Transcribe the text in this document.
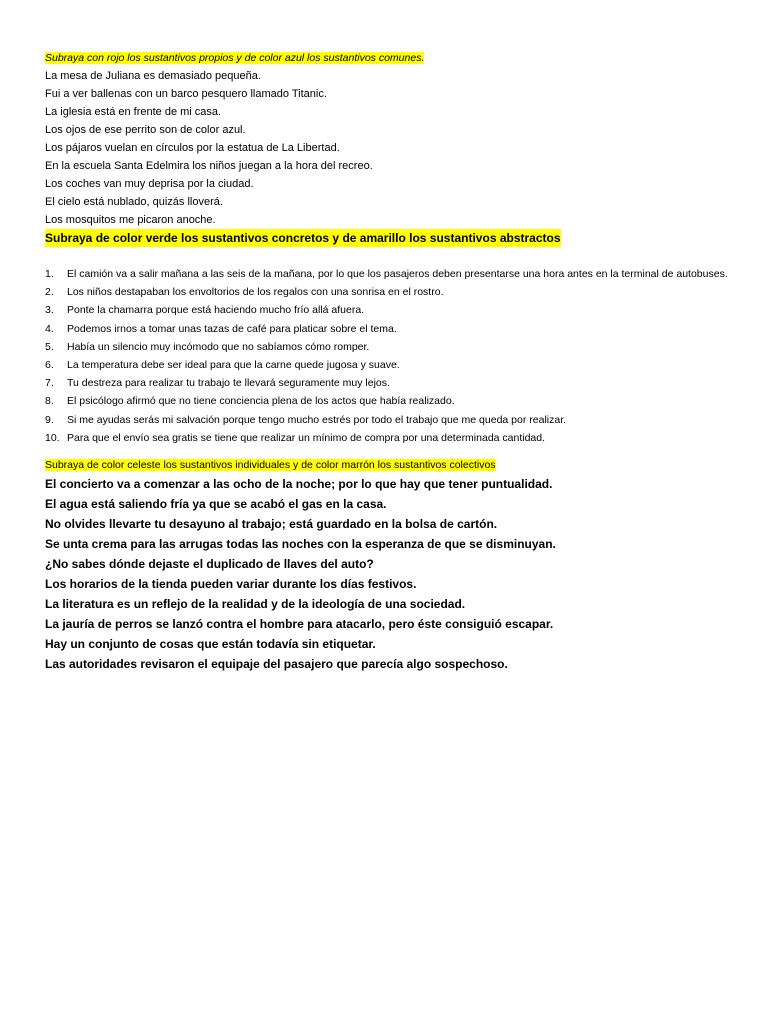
Subraya con rojo los sustantivos propios y de color azul los sustantivos comunes.
La mesa de Juliana es demasiado pequeña.
Fui a ver ballenas con un barco pesquero llamado Titanic.
La iglesia está en frente de mi casa.
Los ojos de ese perrito son de color azul.
Los pájaros vuelan en círculos por la estatua de La Libertad.
En la escuela Santa Edelmira los niños juegan a la hora del recreo.
Los coches van muy deprisa por la ciudad.
El cielo está nublado, quizás lloverá.
Los mosquitos me picaron anoche.
Subraya de color verde los sustantivos concretos y de amarillo los sustantivos abstractos
1. El camión va a salir mañana a las seis de la mañana, por lo que los pasajeros deben presentarse una hora antes en la terminal de autobuses.
2. Los niños destapaban los envoltorios de los regalos con una sonrisa en el rostro.
3. Ponte la chamarra porque está haciendo mucho frío allá afuera.
4. Podemos irnos a tomar unas tazas de café para platicar sobre el tema.
5. Había un silencio muy incómodo que no sabíamos cómo romper.
6. La temperatura debe ser ideal para que la carne quede jugosa y suave.
7. Tu destreza para realizar tu trabajo te llevará seguramente muy lejos.
8. El psicólogo afirmó que no tiene conciencia plena de los actos que había realizado.
9. Si me ayudas serás mi salvación porque tengo mucho estrés por todo el trabajo que me queda por realizar.
10. Para que el envío sea gratis se tiene que realizar un mínimo de compra por una determinada cantidad.
Subraya de color celeste los sustantivos individuales y de color marrón los sustantivos colectivos
El concierto va a comenzar a las ocho de la noche; por lo que hay que tener puntualidad.
El agua está saliendo fría ya que se acabó el gas en la casa.
No olvides llevarte tu desayuno al trabajo; está guardado en la bolsa de cartón.
Se unta crema para las arrugas todas las noches con la esperanza de que se disminuyan.
¿No sabes dónde dejaste el duplicado de llaves del auto?
Los horarios de la tienda pueden variar durante los días festivos.
La literatura es un reflejo de la realidad y de la ideología de una sociedad.
La jauría de perros se lanzó contra el hombre para atacarlo, pero éste consiguió escapar.
Hay un conjunto de cosas que están todavía sin etiquetar.
Las autoridades revisaron el equipaje del pasajero que parecía algo sospechoso.
